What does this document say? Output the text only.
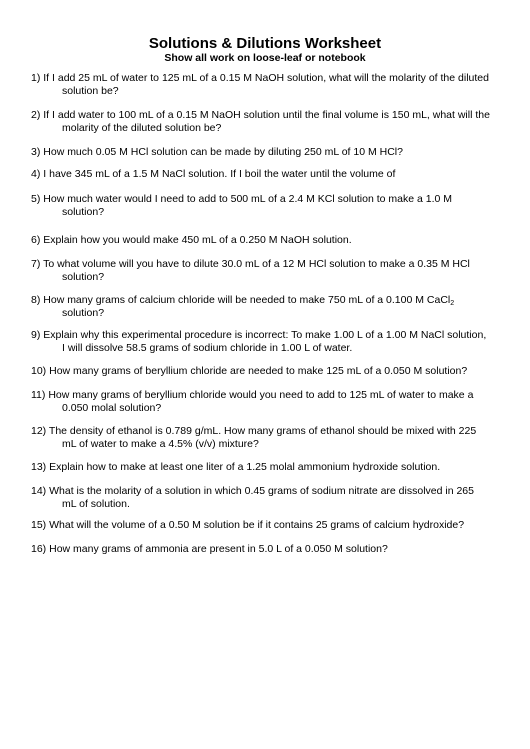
Solutions & Dilutions Worksheet
Show all work on loose-leaf or notebook
1) If I add 25 mL of water to 125 mL of a 0.15 M NaOH solution, what will the molarity of the diluted solution be?
2) If I add water to 100 mL of a 0.15 M NaOH solution until the final volume is 150 mL, what will the molarity of the diluted solution be?
3) How much 0.05 M HCl solution can be made by diluting 250 mL of 10 M HCl?
4) I have 345 mL of a 1.5 M NaCl solution. If I boil the water until the volume of
5) How much water would I need to add to 500 mL of a 2.4 M KCl solution to make a 1.0 M solution?
6) Explain how you would make 450 mL of a 0.250 M NaOH solution.
7) To what volume will you have to dilute 30.0 mL of a 12 M HCl solution to make a 0.35 M HCl solution?
8) How many grams of calcium chloride will be needed to make 750 mL of a 0.100 M CaCl$_2$ solution?
9) Explain why this experimental procedure is incorrect: To make 1.00 L of a 1.00 M NaCl solution, I will dissolve 58.5 grams of sodium chloride in 1.00 L of water.
10) How many grams of beryllium chloride are needed to make 125 mL of a 0.050 M solution?
11) How many grams of beryllium chloride would you need to add to 125 mL of water to make a 0.050 molal solution?
12) The density of ethanol is 0.789 g/mL. How many grams of ethanol should be mixed with 225 mL of water to make a 4.5% (v/v) mixture?
13) Explain how to make at least one liter of a 1.25 molal ammonium hydroxide solution.
14) What is the molarity of a solution in which 0.45 grams of sodium nitrate are dissolved in 265 mL of solution.
15) What will the volume of a 0.50 M solution be if it contains 25 grams of calcium hydroxide?
16) How many grams of ammonia are present in 5.0 L of a 0.050 M solution?
